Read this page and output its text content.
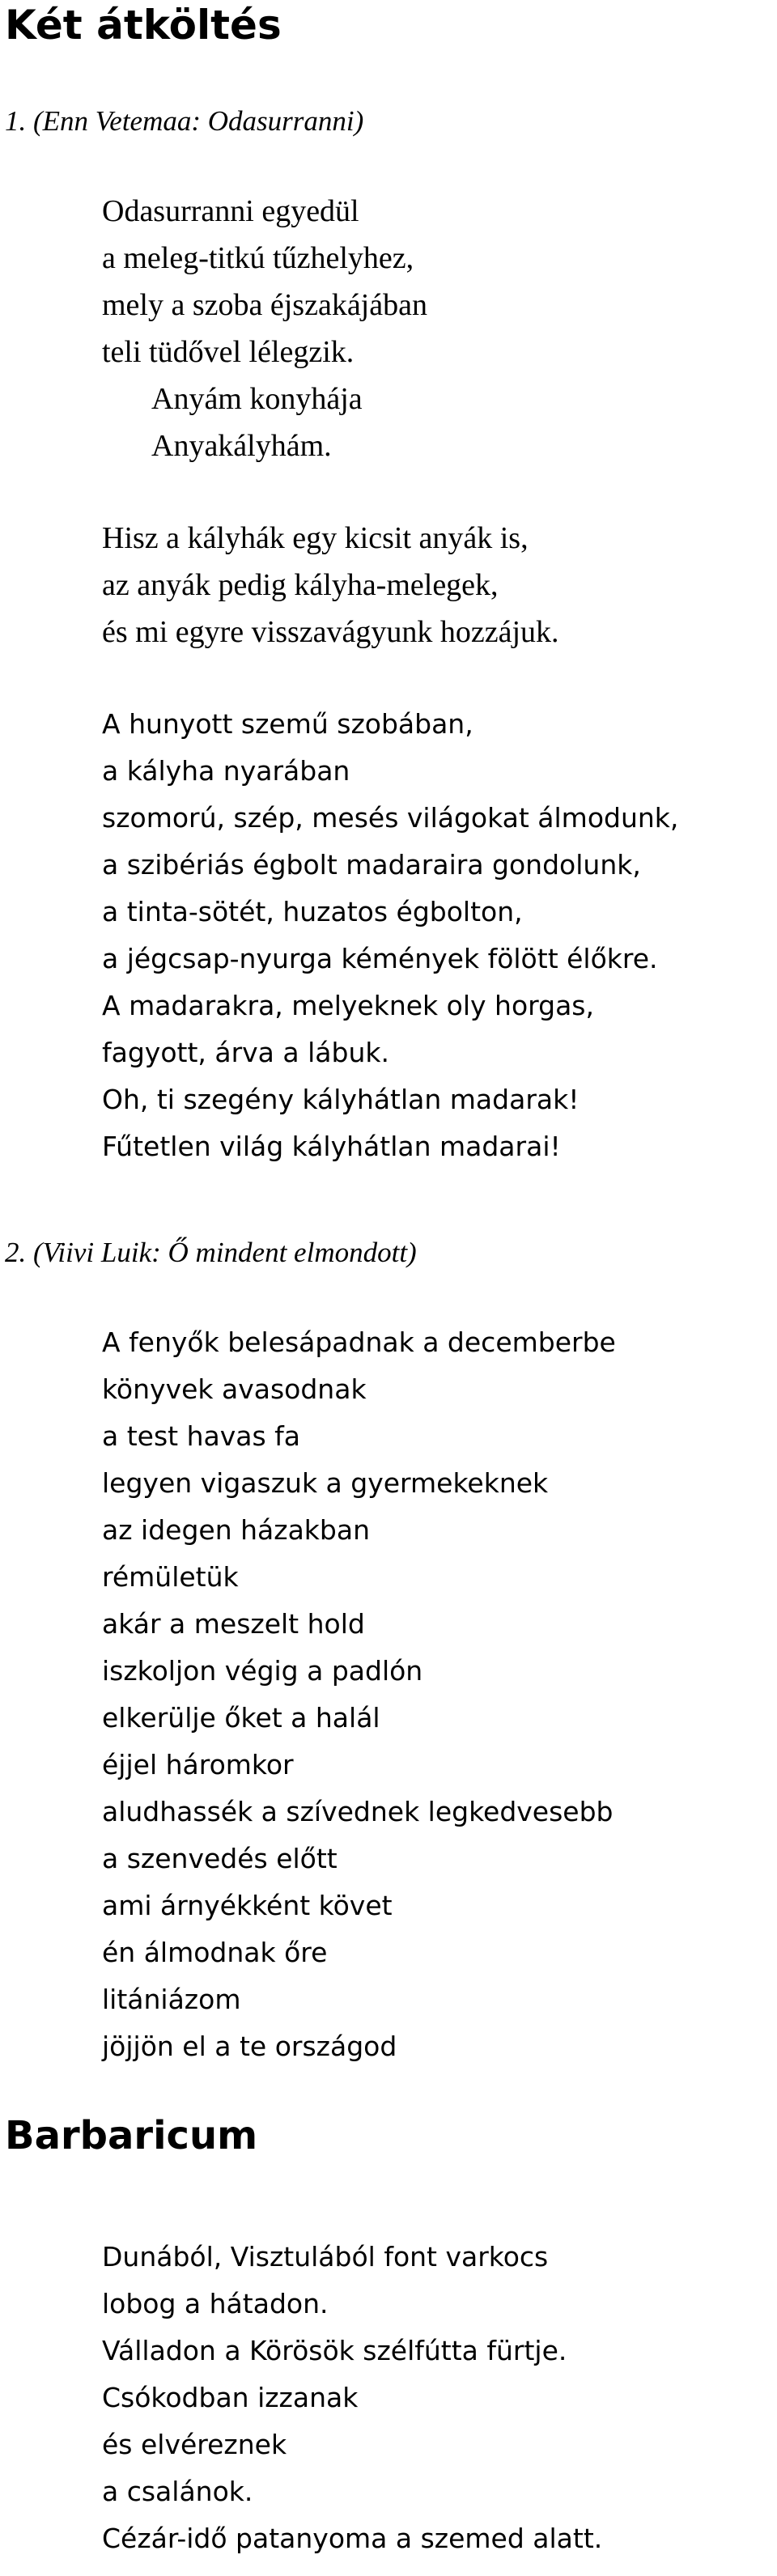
Két átköltés

1. (Enn Vetemaa: Odasurranni)

Odasurranni egyedül
a meleg-titkú tűzhelyhez,
mely a szoba éjszakájában
teli tüdővel lélegzik.
Anyám konyhája
Anyakályhám.
Hisz a kályhák egy kicsit anyák is,
az anyák pedig kályha-melegek,
és mi egyre visszavágyunk hozzájuk.
A hunyott szemű szobában,
a kályha nyarában
szomorú, szép, mesés világokat álmodunk,
a szibériás égbolt madaraira gondolunk,
a tinta-sötét, huzatos égbolton,
a jégcsap-nyurga kémények fölött élőkre.
A madarakra, melyeknek oly horgas,
fagyott, árva a lábuk.
Oh, ti szegény kályhátlan madarak!
Fűtetlen világ kályhátlan madarai!

2. (Viivi Luik: Ő mindent elmondott)

A fenyők belesápadnak a decemberbe
könyvek avasodnak
a test havas fa
legyen vigaszuk a gyermekeknek
az idegen házakban
rémületük
akár a meszelt hold
iszkoljon végig a padlón
elkerülje őket a halál
éjjel háromkor
aludhassék a szívednek legkedvesebb
a szenvedés előtt
ami árnyékként követ
én álmodnak őre
litániázom
jöjjön el a te országod
Barbaricum
Dunából, Visztulából font varkocs
lobog a hátadon.
Válladon a Körösök szélfútta fürtje.
Csókodban izzanak
és elvéreznek
a csalánok.
Cézár-idő patanyoma a szemed alatt.
